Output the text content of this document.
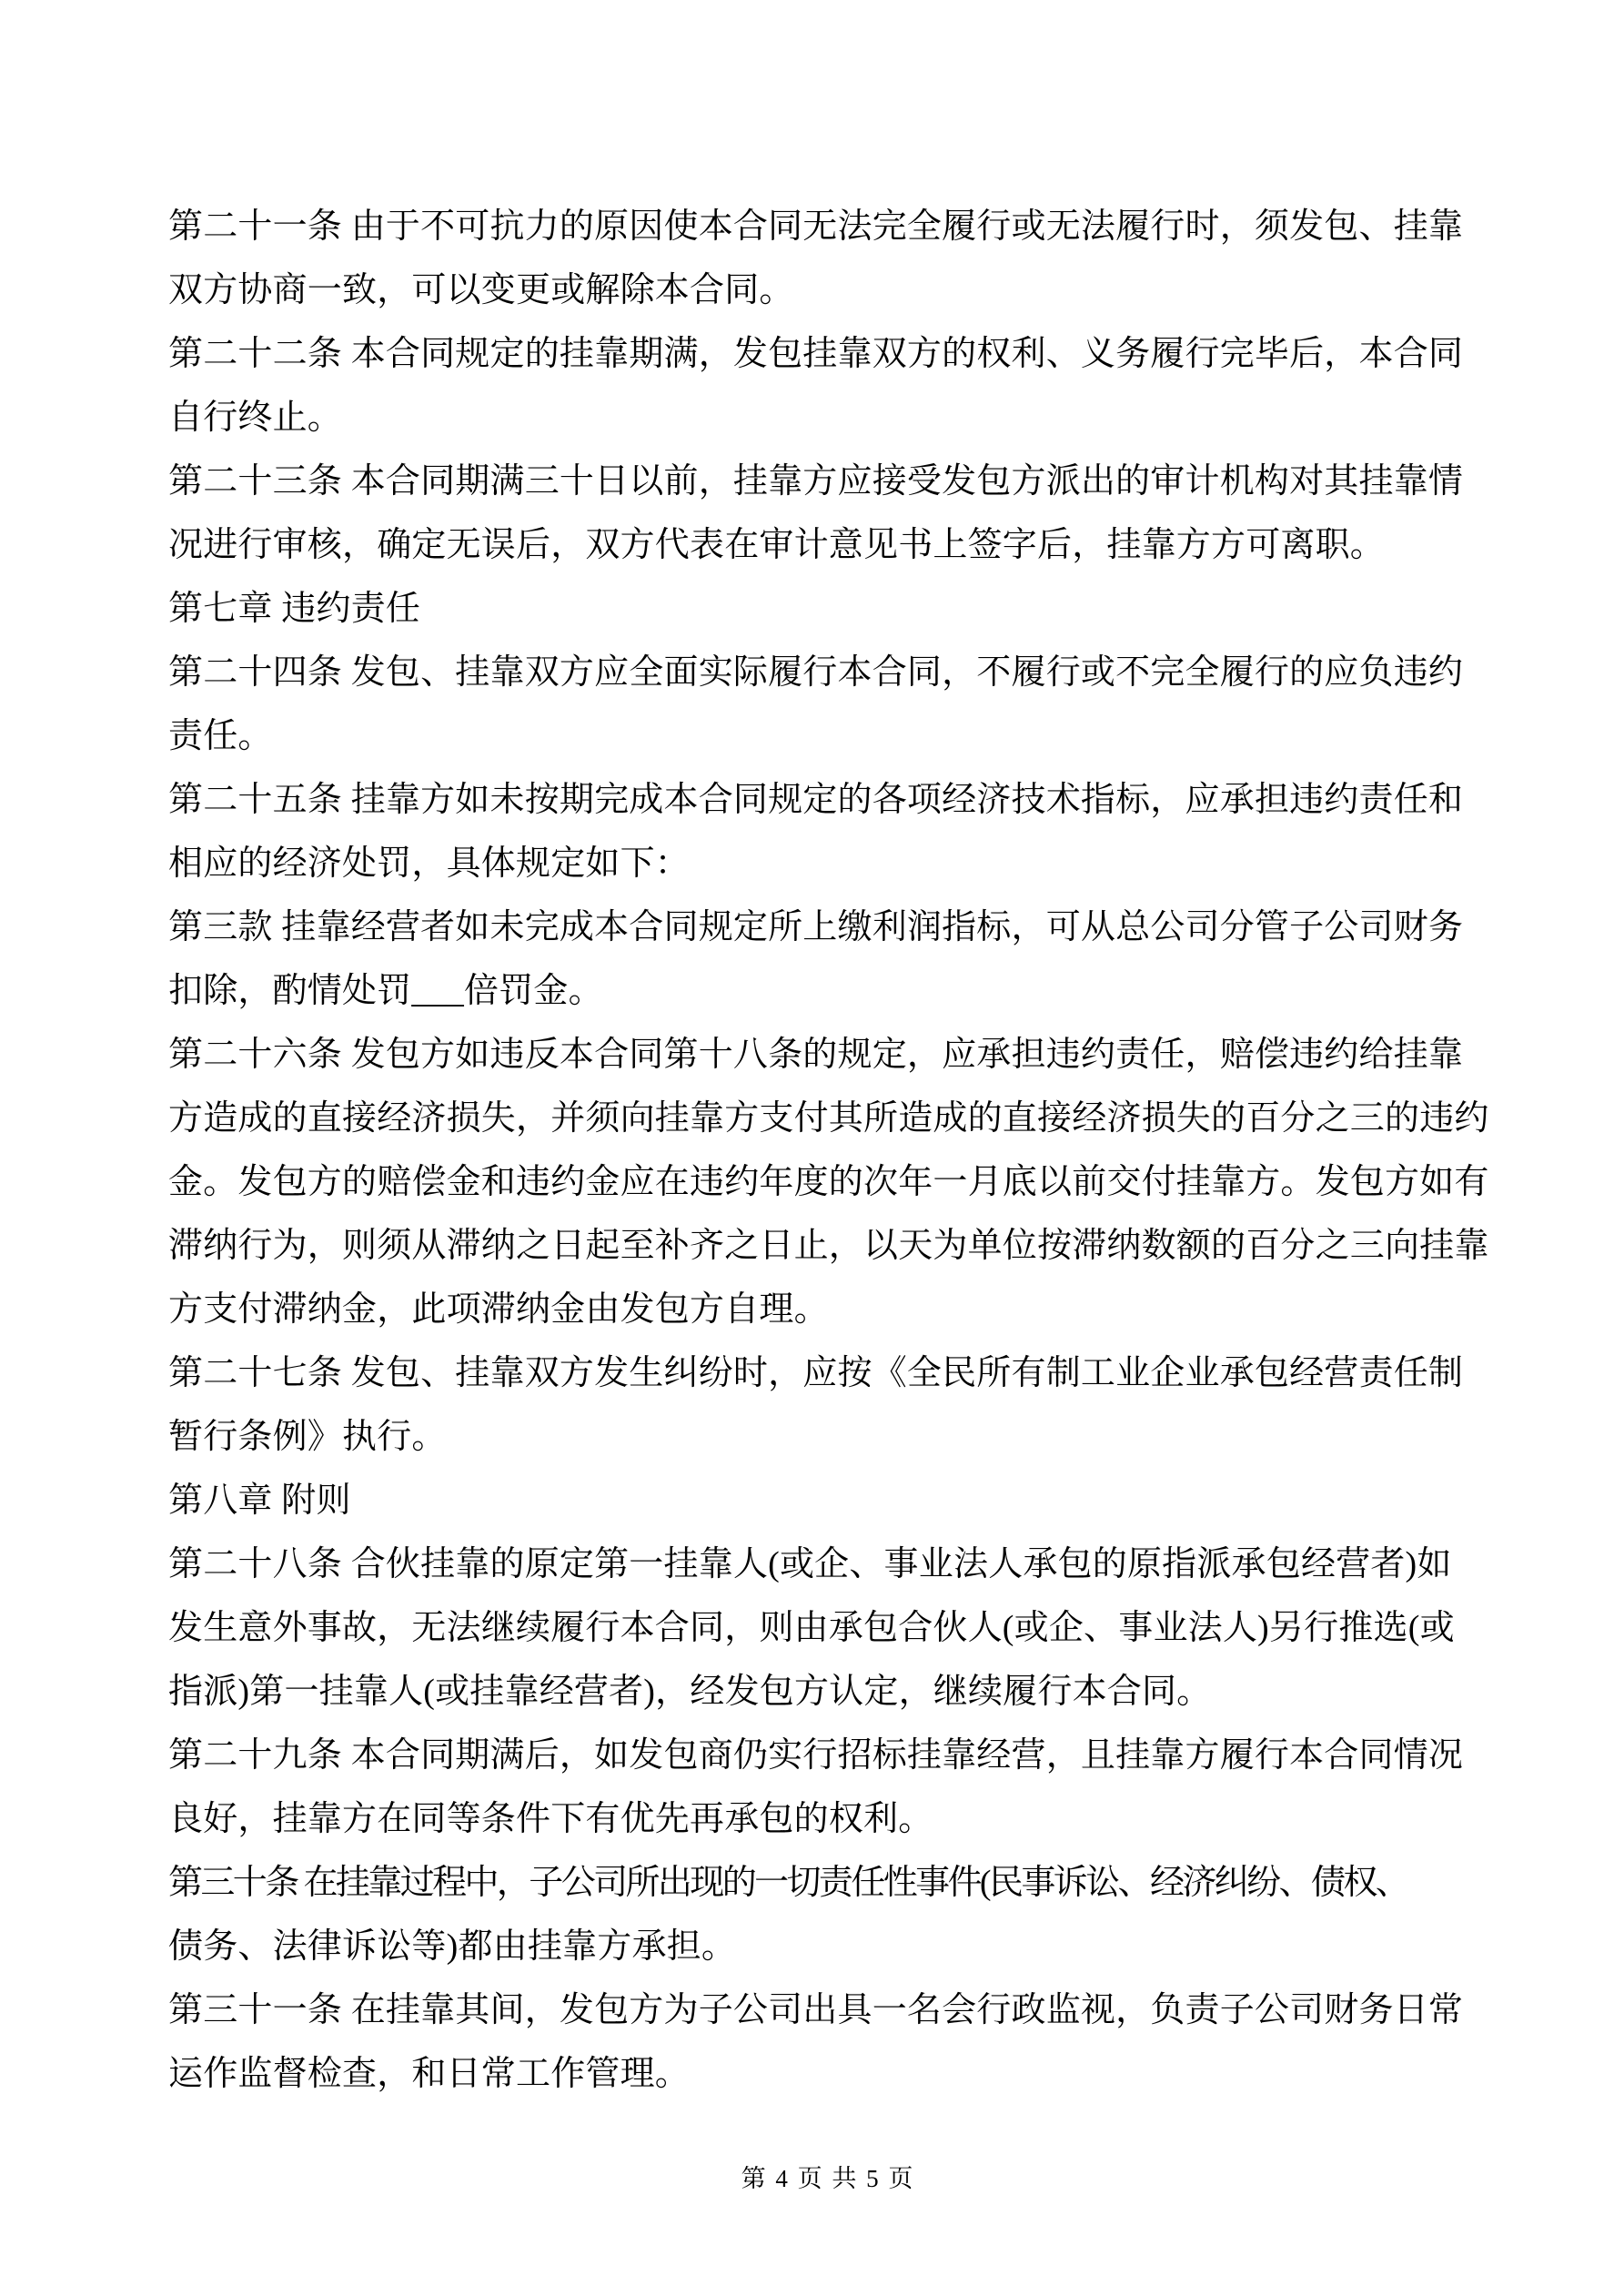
第二十一条 由于不可抗力的原因使本合同无法完全履行或无法履行时，须发包、挂靠
双方协商一致，可以变更或解除本合同。
第二十二条 本合同规定的挂靠期满，发包挂靠双方的权利、义务履行完毕后，本合同
自行终止。
第二十三条 本合同期满三十日以前，挂靠方应接受发包方派出的审计机构对其挂靠情
况进行审核，确定无误后，双方代表在审计意见书上签字后，挂靠方方可离职。
第七章 违约责任
第二十四条 发包、挂靠双方应全面实际履行本合同，不履行或不完全履行的应负违约
责任。
第二十五条 挂靠方如未按期完成本合同规定的各项经济技术指标，应承担违约责任和
相应的经济处罚，具体规定如下：
第三款 挂靠经营者如未完成本合同规定所上缴利润指标，可从总公司分管子公司财务
扣除，酌情处罚___倍罚金。
第二十六条 发包方如违反本合同第十八条的规定，应承担违约责任，赔偿违约给挂靠
方造成的直接经济损失，并须向挂靠方支付其所造成的直接经济损失的百分之三的违约
金。发包方的赔偿金和违约金应在违约年度的次年一月底以前交付挂靠方。发包方如有
滞纳行为，则须从滞纳之日起至补齐之日止，以天为单位按滞纳数额的百分之三向挂靠
方支付滞纳金，此项滞纳金由发包方自理。
第二十七条 发包、挂靠双方发生纠纷时，应按《全民所有制工业企业承包经营责任制
暂行条例》执行。
第八章 附则
第二十八条 合伙挂靠的原定第一挂靠人(或企、事业法人承包的原指派承包经营者)如
发生意外事故，无法继续履行本合同，则由承包合伙人(或企、事业法人)另行推选(或
指派)第一挂靠人(或挂靠经营者)，经发包方认定，继续履行本合同。
第二十九条 本合同期满后，如发包商仍实行招标挂靠经营，且挂靠方履行本合同情况
良好，挂靠方在同等条件下有优先再承包的权利。
第三十条 在挂靠过程中，子公司所出现的一切责任性事件(民事诉讼、经济纠纷、债权、
债务、法律诉讼等)都由挂靠方承担。
第三十一条 在挂靠其间，发包方为子公司出具一名会行政监视，负责子公司财务日常
运作监督检查，和日常工作管理。

第 4 页 共 5 页
